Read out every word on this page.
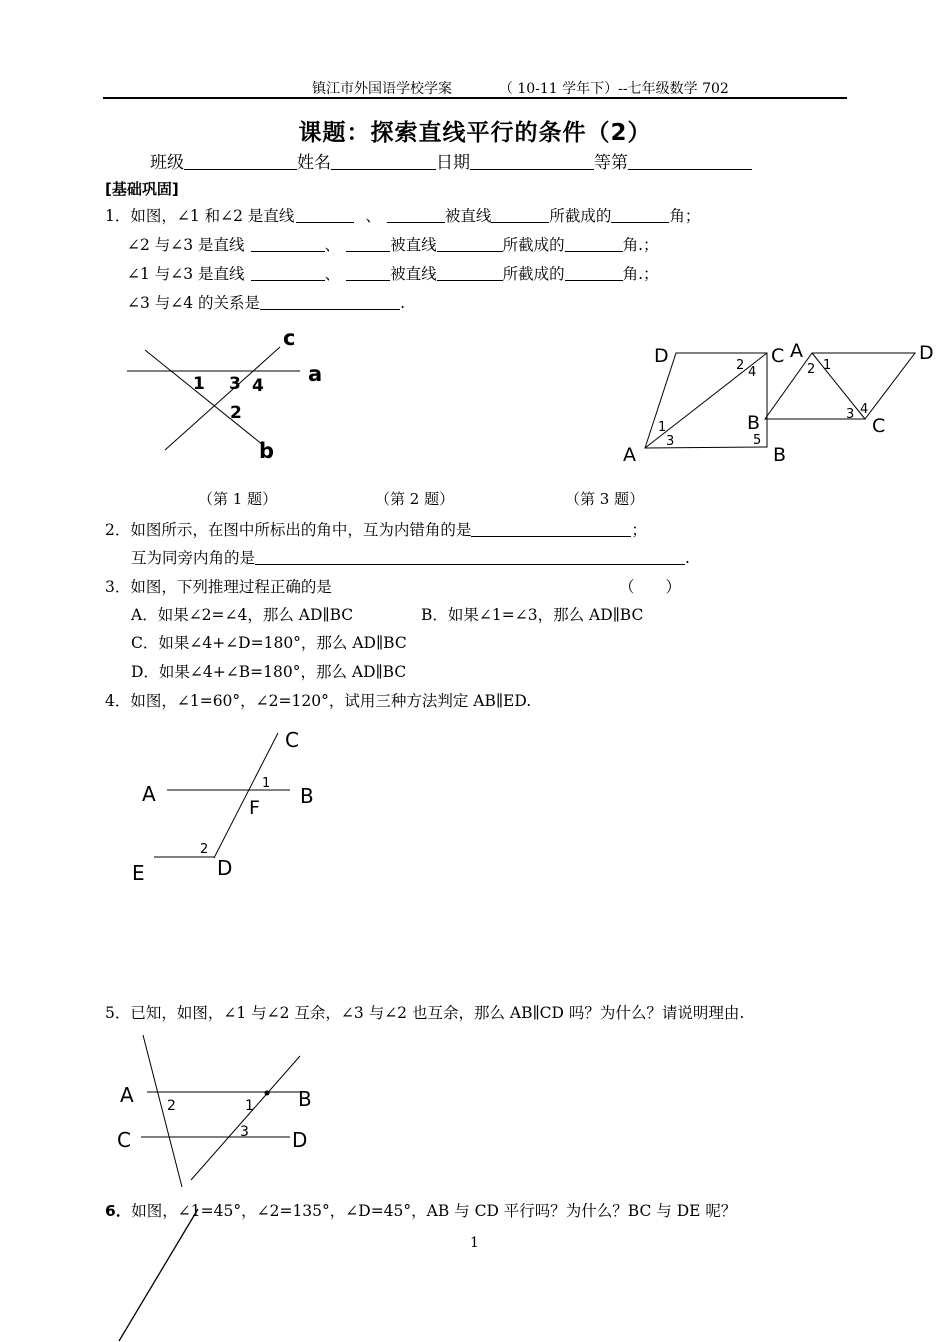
镇江市外国语学校学案	（ 10-11 学年下）--七年级数学 702
课题：探索直线平行的条件（2）
班级	姓名	日期	等第
[基础巩固]
1．如图，∠1 和∠2 是直线	、	被直线	所截成的	角；
∠2 与∠3 是直线	、	被直线	所截成的	角.；
∠1 与∠3 是直线	、	被直线	所截成的	角.；
∠3 与∠4 的关系是	.
c
a
b
1 3 4
2
D	C
A	B
1
3
2 4
5
A	D
B	C
1
2
3 4
（第 1 题）	（第 2 题）	（第 3 题）
2．如图所示，在图中所标出的角中，互为内错角的是	；
互为同旁内角的是	.
3．如图，下列推理过程正确的是	（　　）
A．如果∠2=∠4，那么 AD∥BC	B．如果∠1=∠3，那么 AD∥BC
C．如果∠4+∠D=180°，那么 AD∥BC
D．如果∠4+∠B=180°，那么 AD∥BC
4．如图，∠1=60°，∠2=120°，试用三种方法判定 AB∥ED.
C
A	B
F
E	D
1
2
5．已知，如图，∠1 与∠2 互余，∠3 与∠2 也互余，那么 AB∥CD 吗？为什么？请说明理由.
A	B
C	D
2	1
3
6．如图，∠1=45°，∠2=135°，∠D=45°，AB 与 CD 平行吗？为什么？BC 与 DE 呢？
1
